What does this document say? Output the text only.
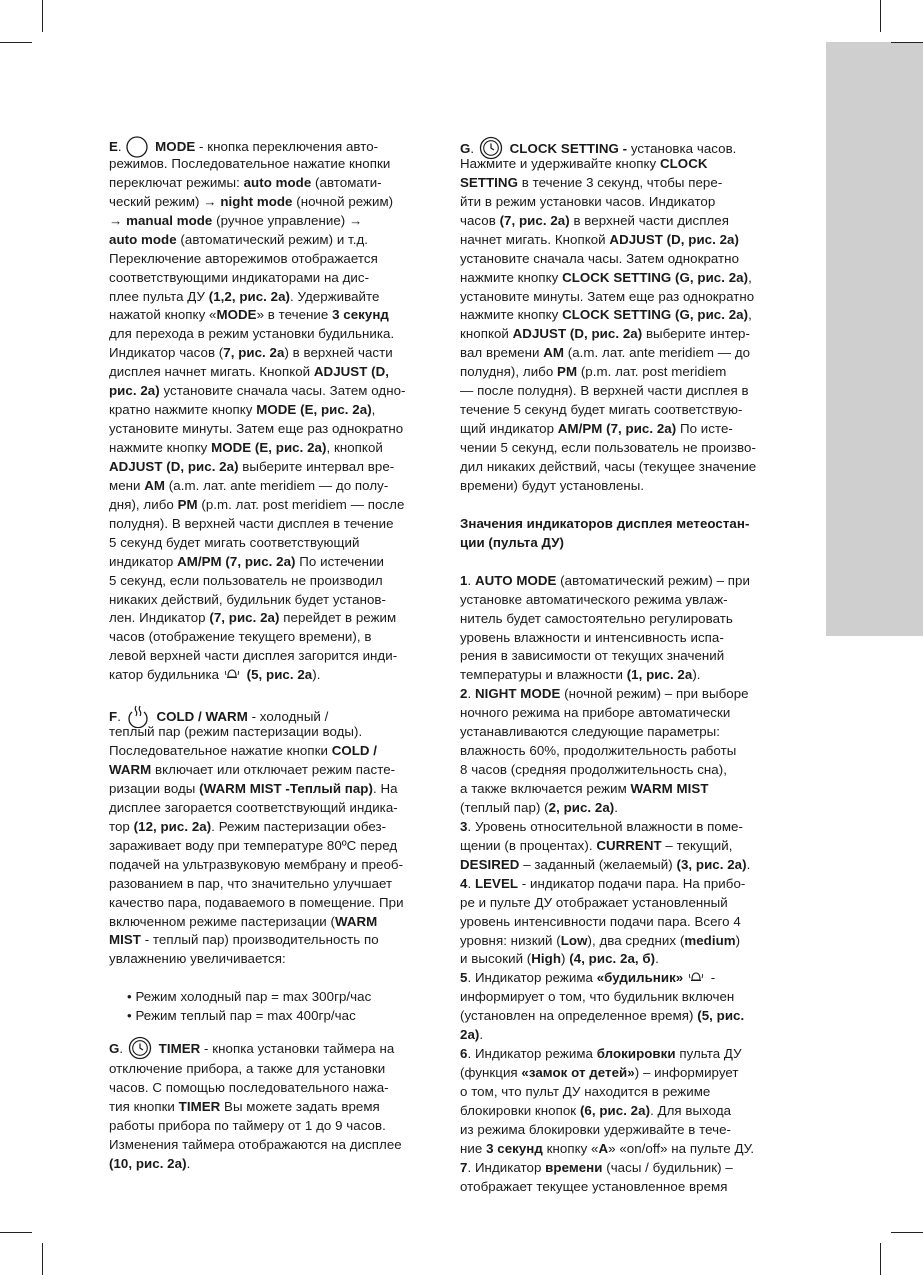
E.  MODE - кнопка переключения авто-
режимов. Последовательное нажатие кнопки
переключат режимы: auto mode (автомати-
ческий режим) → night mode (ночной режим)
→ manual mode (ручное управление) →
auto mode (автоматический режим) и т.д.
Переключение авторежимов отображается
соответствующими индикаторами на дис-
плее пульта ДУ (1,2, рис. 2a). Удерживайте
нажатой кнопку «MODE» в течение 3 секунд
для перехода в режим установки будильника.
Индикатор часов (7, рис. 2a) в верхней части
дисплея начнет мигать. Кнопкой ADJUST (D,
рис. 2a) установите сначала часы. Затем одно-
кратно нажмите кнопку MODE (E, рис. 2a),
установите минуты. Затем еще раз однократно
нажмите кнопку MODE (E, рис. 2a), кнопкой
ADJUST (D, рис. 2a) выберите интервал вре-
мени AM (a.m. лат. ante meridiem — до полу-
дня), либо PM (p.m. лат. post meridiem — после
полудня). В верхней части дисплея в течение
5 секунд будет мигать соответствующий
индикатор AM/PM (7, рис. 2a) По истечении
5 секунд, если пользователь не производил
никаких действий, будильник будет установ-
лен. Индикатор (7, рис. 2a) перейдет в режим
часов (отображение текущего времени), в
левой верхней части дисплея загорится инди-
катор будильника  (5, рис. 2a).
F.  COLD / WARM - холодный /
теплый пар (режим пастеризации воды).
Последовательное нажатие кнопки COLD /
WARM включает или отключает режим пасте-
ризации воды (WARM MIST -Теплый пар). На
дисплее загорается соответствующий индика-
тор (12, рис. 2a). Режим пастеризации обез-
зараживает воду при температуре 80ºC перед
подачей на ультразвуковую мембрану и преоб-
разованием в пар, что значительно улучшает
качество пара, подаваемого в помещение. При
включенном режиме пастеризации (WARM
MIST - теплый пар) производительность по
увлажнению увеличивается:
• Режим холодный пар = max 300гр/час
• Режим теплый пар = max 400гр/час
G.  TIMER - кнопка установки таймера на
отключение прибора, а также для установки
часов. С помощью последовательного нажа-
тия кнопки TIMER Вы можете задать время
работы прибора по таймеру от 1 до 9 часов.
Изменения таймера отображаются на дисплее
(10, рис. 2a).
G.  CLOCK SETTING - установка часов.
Нажмите и удерживайте кнопку CLOCK
SETTING в течение 3 секунд, чтобы пере-
йти в режим установки часов. Индикатор
часов (7, рис. 2a) в верхней части дисплея
начнет мигать. Кнопкой ADJUST (D, рис. 2a)
установите сначала часы. Затем однократно
нажмите кнопку CLOCK SETTING (G, рис. 2a),
установите минуты. Затем еще раз однократно
нажмите кнопку CLOCK SETTING (G, рис. 2a),
кнопкой ADJUST (D, рис. 2a) выберите интер-
вал времени AM (a.m. лат. ante meridiem — до
полудня), либо PM (p.m. лат. post meridiem
— после полудня). В верхней части дисплея в
течение 5 секунд будет мигать соответствую-
щий индикатор AM/PM (7, рис. 2a) По исте-
чении 5 секунд, если пользователь не произво-
дил никаких действий, часы (текущее значение
времени) будут установлены.
Значения индикаторов дисплея метеостан-
ции (пульта ДУ)
1. AUTO MODE (автоматический режим) – при
установке автоматического режима увлаж-
нитель будет самостоятельно регулировать
уровень влажности и интенсивность испа-
рения в зависимости от текущих значений
температуры и влажности (1, рис. 2a).
2. NIGHT MODE (ночной режим) – при выборе
ночного режима на приборе автоматически
устанавливаются следующие параметры:
влажность 60%, продолжительность работы
8 часов (средняя продолжительность сна),
а также включается режим WARM MIST
(теплый пар) (2, рис. 2a).
3. Уровень относительной влажности в поме-
щении (в процентах). CURRENT – текущий,
DESIRED – заданный (желаемый) (3, рис. 2a).
4. LEVEL - индикатор подачи пара. На прибо-
ре и пульте ДУ отображает установленный
уровень интенсивности подачи пара. Всего 4
уровня: низкий (Low), два средних (medium)
и высокий (High) (4, рис. 2a, б).
5. Индикатор режима «будильник»  -
информирует о том, что будильник включен
(установлен на определенное время) (5, рис.
2a).
6. Индикатор режима блокировки пульта ДУ
(функция «замок от детей») – информирует
о том, что пульт ДУ находится в режиме
блокировки кнопок (6, рис. 2a). Для выхода
из режима блокировки удерживайте в тече-
ние 3 секунд кнопку «A» «on/off» на пульте ДУ.
7. Индикатор времени (часы / будильник) –
отображает текущее установленное время
